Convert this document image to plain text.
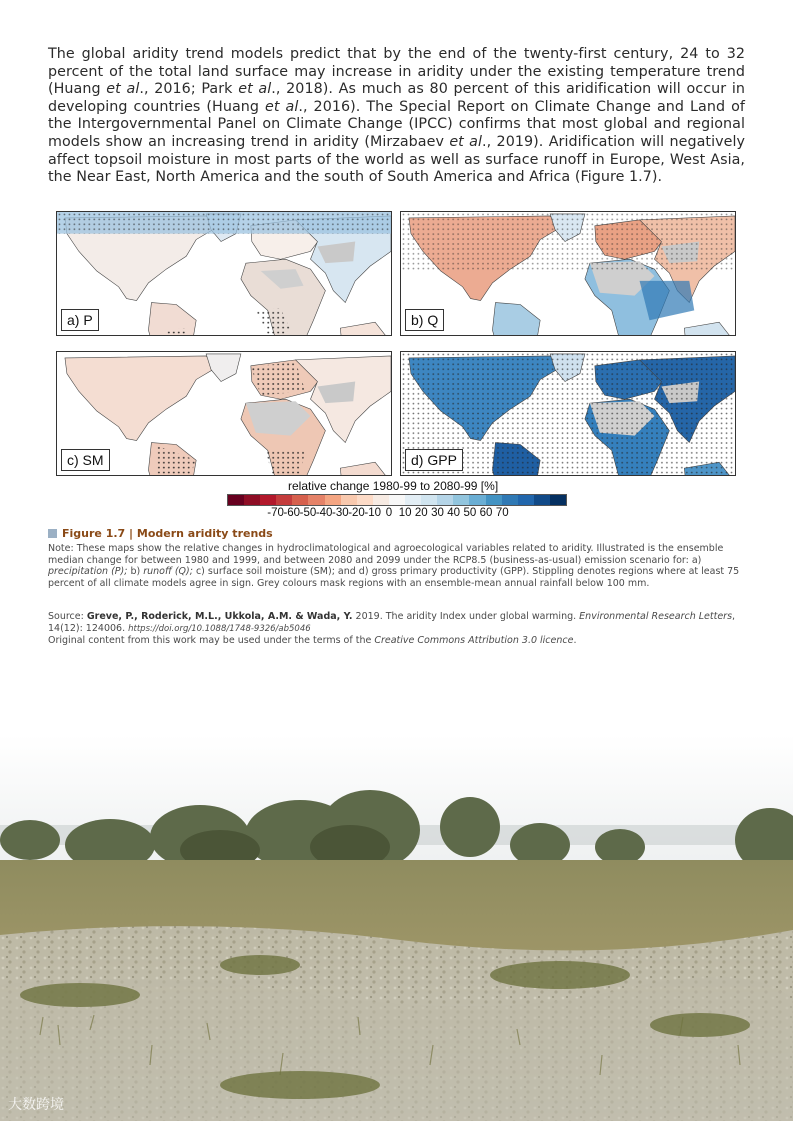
The global aridity trend models predict that by the end of the twenty-first century, 24 to 32 percent of the total land surface may increase in aridity under the existing temperature trend (Huang et al., 2016; Park et al., 2018). As much as 80 percent of this aridification will occur in developing countries (Huang et al., 2016). The Special Report on Climate Change and Land of the Intergovernmental Panel on Climate Change (IPCC) confirms that most global and regional models show an increasing trend in aridity (Mirzabaev et al., 2019). Aridification will negatively affect topsoil moisture in most parts of the world as well as surface runoff in Europe, West Asia, the Near East, North America and the south of South America and Africa (Figure 1.7).
a) P	b) Q
c) SM	d) GPP
relative change 1980-99 to 2080-99 [%]
-70 -60 -50 -40 -30 -20 -10 0 10 20 30 40 50 60 70
Figure 1.7 | Modern aridity trends
Note: These maps show the relative changes in hydroclimatological and agroecological variables related to aridity. Illustrated is the ensemble median change for between 1980 and 1999, and between 2080 and 2099 under the RCP8.5 (business-as-usual) emission scenario for: a) precipitation (P); b) runoff (Q); c) surface soil moisture (SM); and d) gross primary productivity (GPP). Stippling denotes regions where at least 75 percent of all climate models agree in sign. Grey colours mask regions with an ensemble-mean annual rainfall below 100 mm.
Source: Greve, P., Roderick, M.L., Ukkola, A.M. & Wada, Y. 2019. The aridity Index under global warming. Environmental Research Letters, 14(12): 124006. https://doi.org/10.1088/1748-9326/ab5046
Original content from this work may be used under the terms of the Creative Commons Attribution 3.0 licence.
大数跨境
